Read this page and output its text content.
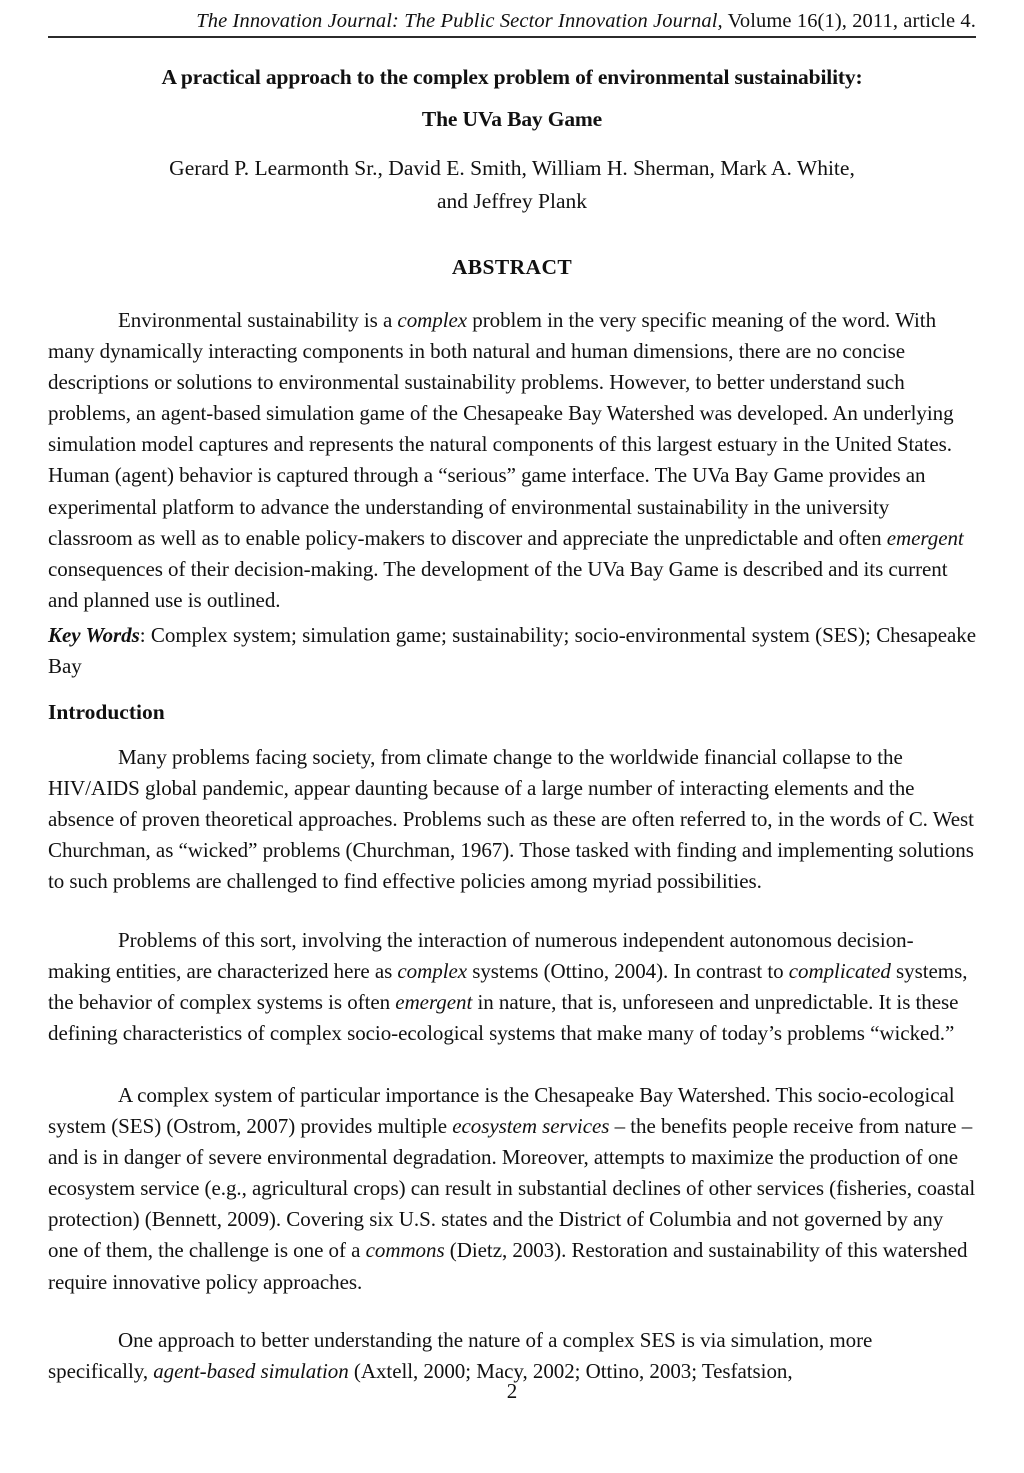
The Innovation Journal: The Public Sector Innovation Journal, Volume 16(1), 2011, article 4.
A practical approach to the complex problem of environmental sustainability:
The UVa Bay Game
Gerard P. Learmonth Sr., David E. Smith, William H. Sherman, Mark A. White,
and Jeffrey Plank
ABSTRACT

Environmental sustainability is a complex problem in the very specific meaning of the word. With many dynamically interacting components in both natural and human dimensions, there are no concise descriptions or solutions to environmental sustainability problems. However, to better understand such problems, an agent-based simulation game of the Chesapeake Bay Watershed was developed. An underlying simulation model captures and represents the natural components of this largest estuary in the United States. Human (agent) behavior is captured through a “serious” game interface. The UVa Bay Game provides an experimental platform to advance the understanding of environmental sustainability in the university classroom as well as to enable policy-makers to discover and appreciate the unpredictable and often emergent consequences of their decision-making. The development of the UVa Bay Game is described and its current and planned use is outlined.

Key Words: Complex system; simulation game; sustainability; socio-environmental system (SES); Chesapeake Bay

Introduction

Many problems facing society, from climate change to the worldwide financial collapse to the HIV/AIDS global pandemic, appear daunting because of a large number of interacting elements and the absence of proven theoretical approaches. Problems such as these are often referred to, in the words of C. West Churchman, as “wicked” problems (Churchman, 1967). Those tasked with finding and implementing solutions to such problems are challenged to find effective policies among myriad possibilities.

Problems of this sort, involving the interaction of numerous independent autonomous decision-making entities, are characterized here as complex systems (Ottino, 2004). In contrast to complicated systems, the behavior of complex systems is often emergent in nature, that is, unforeseen and unpredictable. It is these defining characteristics of complex socio-ecological systems that make many of today’s problems “wicked.”

A complex system of particular importance is the Chesapeake Bay Watershed. This socio-ecological system (SES) (Ostrom, 2007) provides multiple ecosystem services – the benefits people receive from nature – and is in danger of severe environmental degradation. Moreover, attempts to maximize the production of one ecosystem service (e.g., agricultural crops) can result in substantial declines of other services (fisheries, coastal protection) (Bennett, 2009). Covering six U.S. states and the District of Columbia and not governed by any one of them, the challenge is one of a commons (Dietz, 2003). Restoration and sustainability of this watershed require innovative policy approaches.

One approach to better understanding the nature of a complex SES is via simulation, more specifically, agent-based simulation (Axtell, 2000; Macy, 2002; Ottino, 2003; Tesfatsion,

2
